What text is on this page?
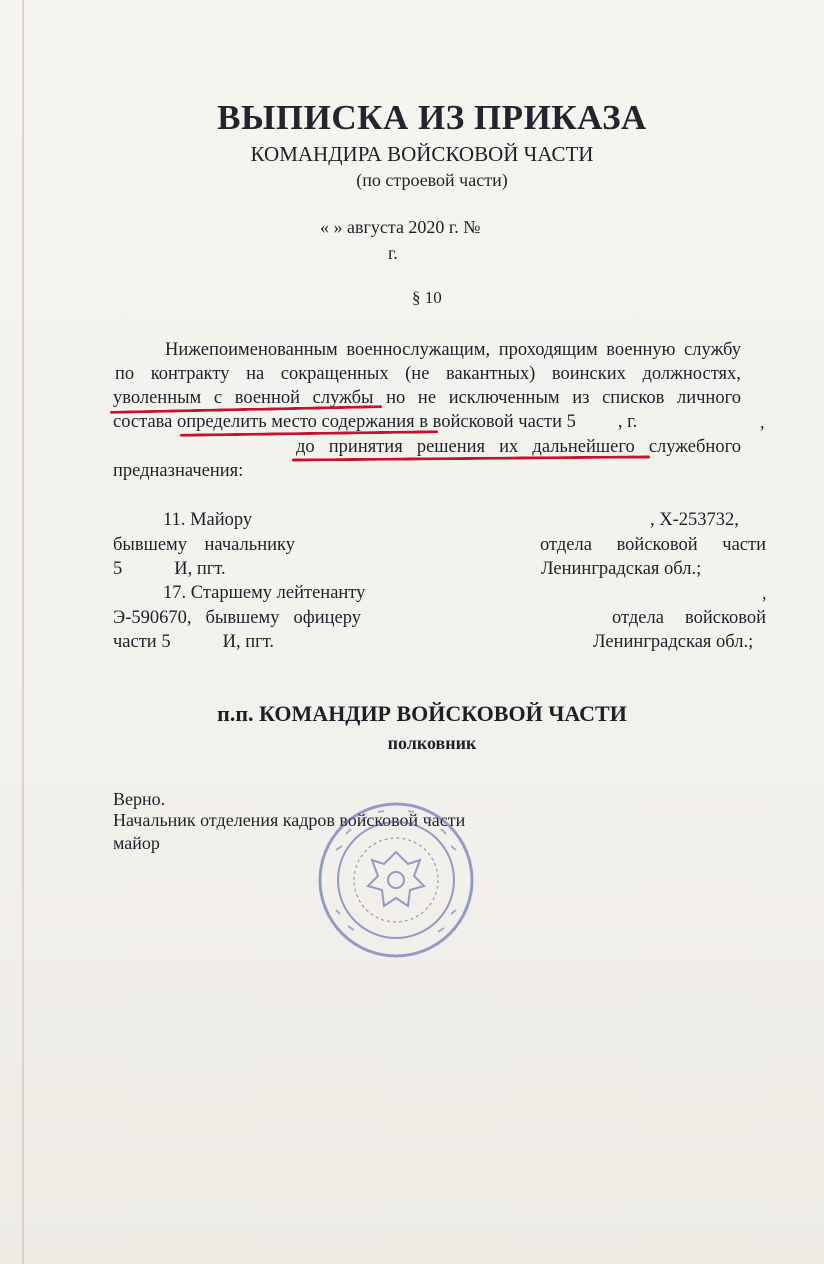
ВЫПИСКА ИЗ ПРИКАЗА
КОМАНДИРА ВОЙСКОВОЙ ЧАСТИ
(по строевой части)
« » августа 2020 г. №
г.
§ 10
Нижепоименованным военнослужащим, проходящим военную службу
по контракту на сокращенных (не вакантных) воинских должностях,
уволенным с военной службы но не исключенным из списков личного
состава определить место содержания в войсковой части 5 , г.	,
до принятия решения их дальнейшего служебного
предназначения:
11. Майору	, Х-253732,
бывшему начальнику	отдела войсковой части
5	И, пгт.	Ленинградская обл.;
17. Старшему лейтенанту	,
Э-590670, бывшему офицеру	отдела войсковой
части 5	И, пгт.	Ленинградская обл.;
п.п. КОМАНДИР ВОЙСКОВОЙ ЧАСТИ
полковник
Верно.
Начальник отделения кадров войсковой части
майор
